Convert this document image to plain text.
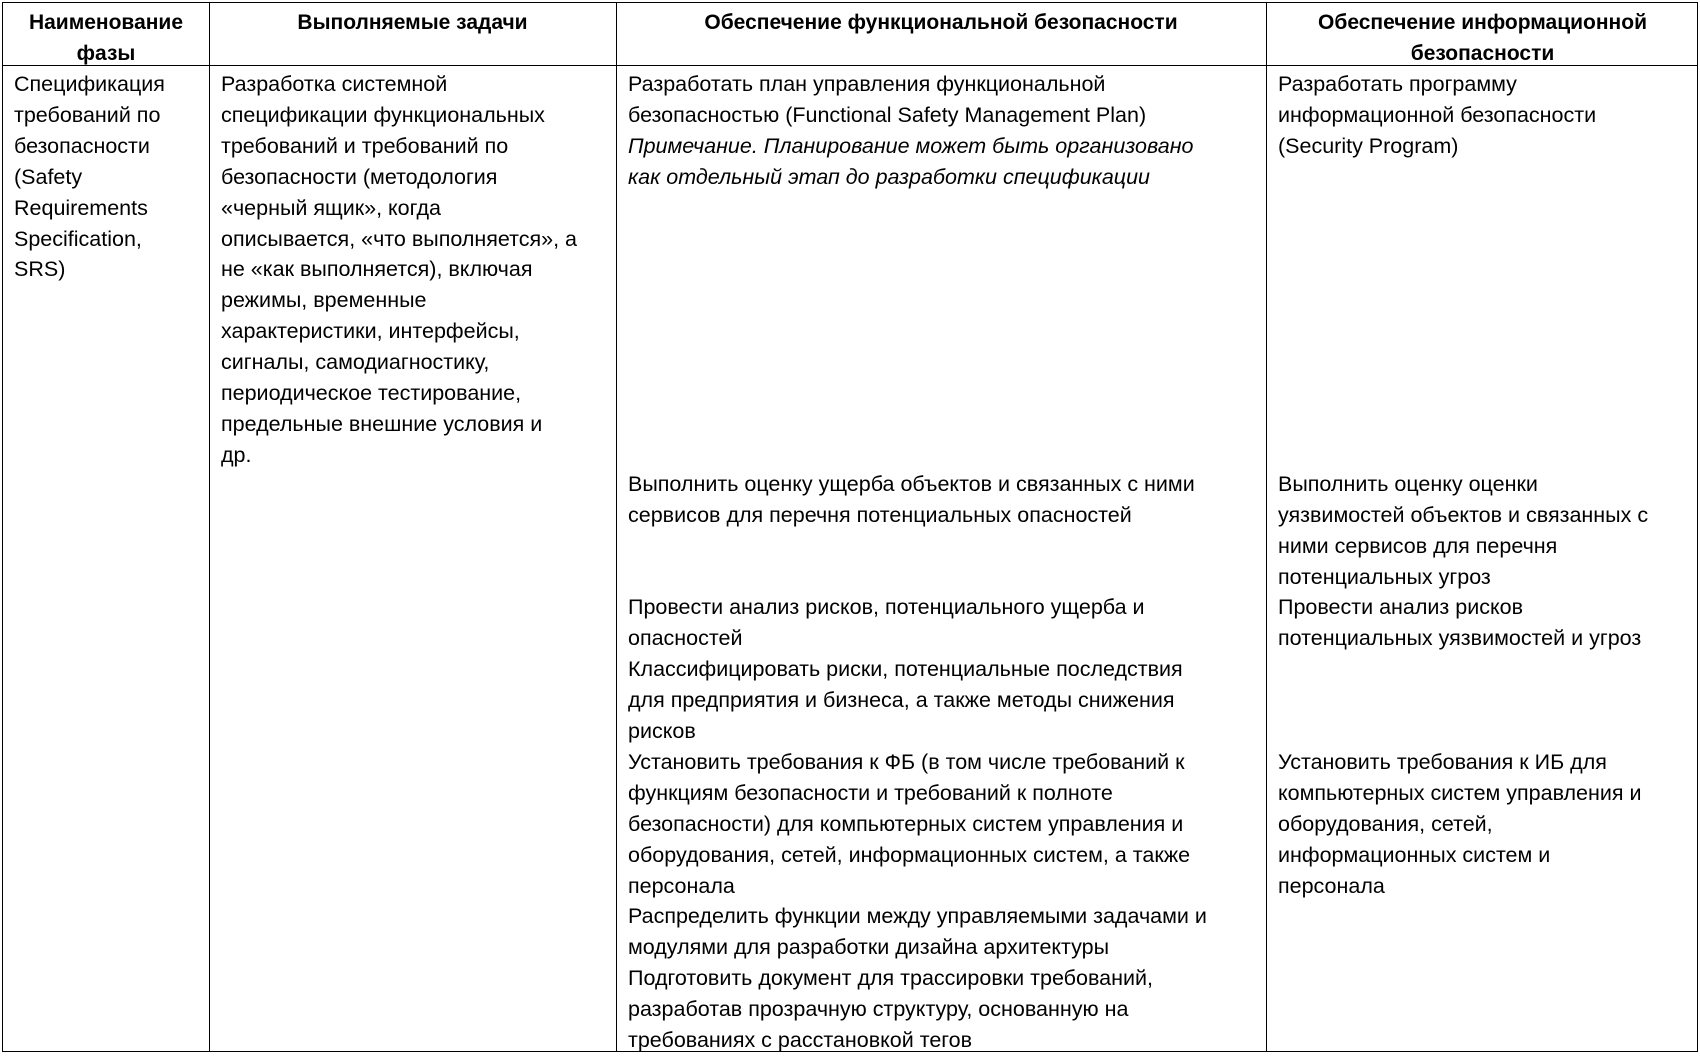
Наименование
фазы
Выполняемые задачи	Обеспечение функциональной безопасности	Обеспечение информационной
безопасности
Спецификация
требований по
безопасности
(Safety
Requirements
Specification,
SRS)
Разработка системной
спецификации функциональных
требований и требований по
безопасности (методология
«черный ящик», когда
описывается, «что выполняется», а
не «как выполняется), включая
режимы, временные
характеристики, интерфейсы,
сигналы, самодиагностику,
периодическое тестирование,
предельные внешние условия и
др.
Разработать план управления функциональной
безопасностью (Functional Safety Management Plan)
Примечание. Планирование может быть организовано
как отдельный этап до разработки спецификации
Выполнить оценку ущерба объектов и связанных с ними
сервисов для перечня потенциальных опасностей
Провести анализ рисков, потенциального ущерба и
опасностей
Классифицировать риски, потенциальные последствия
для предприятия и бизнеса, а также методы снижения
рисков
Установить требования к ФБ (в том числе требований к
функциям безопасности и требований к полноте
безопасности) для компьютерных систем управления и
оборудования, сетей, информационных систем, а также
персонала
Распределить функции между управляемыми задачами и
модулями для разработки дизайна архитектуры
Подготовить документ для трассировки требований,
разработав прозрачную структуру, основанную на
требованиях с расстановкой тегов
Разработать программу
информационной безопасности
(Security Program)
Выполнить оценку оценки
уязвимостей объектов и связанных с
ними сервисов для перечня
потенциальных угроз
Провести анализ рисков
потенциальных уязвимостей и угроз
Установить требования к ИБ для
компьютерных систем управления и
оборудования, сетей,
информационных систем и
персонала
